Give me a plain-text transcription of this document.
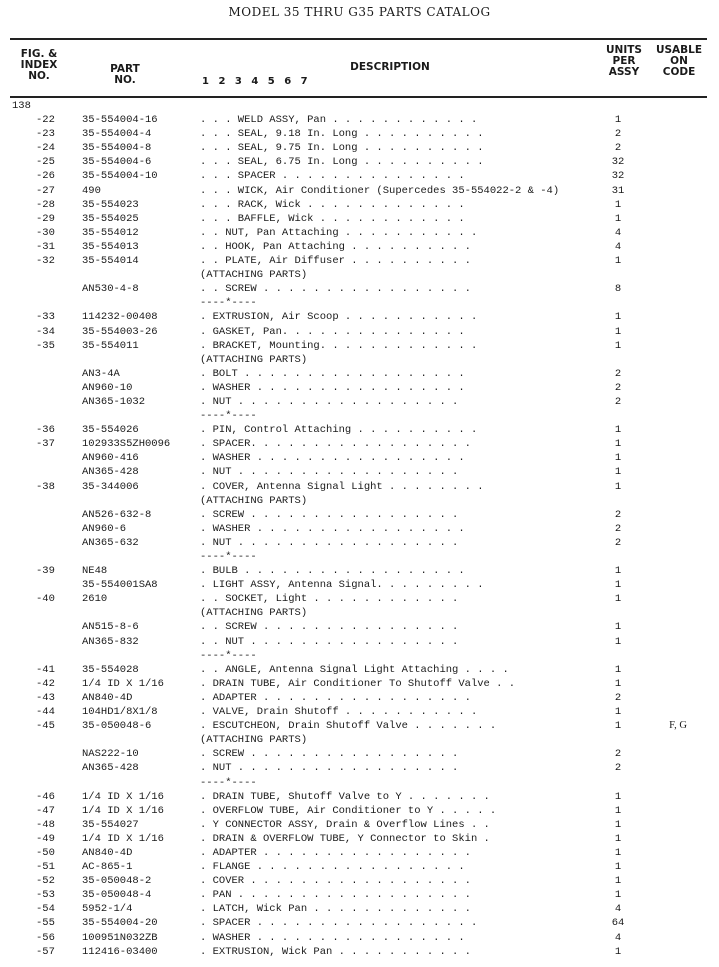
MODEL 35 THRU G35 PARTS CATALOG
FIG. &
INDEX
NO.
PART
NO.	1 2 3 4 5 6 7
DESCRIPTION
UNITS
PER
ASSY
USABLE
ON
CODE
138
-22	35-554004-16	. . . WELD ASSY, Pan . . . . . . . . . . . .	1
-23	35-554004-4	. . . SEAL, 9.18 In. Long . . . . . . . . . .	2
-24	35-554004-8	. . . SEAL, 9.75 In. Long . . . . . . . . . .	2
-25	35-554004-6	. . . SEAL, 6.75 In. Long . . . . . . . . . .	32
-26	35-554004-10	. . . SPACER . . . . . . . . . . . . . . .	32
-27	490	. . . WICK, Air Conditioner (Supercedes 35-554022-2 & -4)	31
-28	35-554023	. . . RACK, Wick . . . . . . . . . . . . .	1
-29	35-554025	. . . BAFFLE, Wick . . . . . . . . . . . .	1
-30	35-554012	. . NUT, Pan Attaching . . . . . . . . . . .	4
-31	35-554013	. . HOOK, Pan Attaching . . . . . . . . . .	4
-32	35-554014	. . PLATE, Air Diffuser . . . . . . . . . .	1
(ATTACHING PARTS)
AN530-4-8	. . SCREW . . . . . . . . . . . . . . . . .	8
----*----
-33	114232-00408	. EXTRUSION, Air Scoop . . . . . . . . . . .	1
-34	35-554003-26	. GASKET, Pan. . . . . . . . . . . . . . .	1
-35	35-554011	. BRACKET, Mounting. . . . . . . . . . . . .	1
(ATTACHING PARTS)
AN3-4A	. BOLT . . . . . . . . . . . . . . . . . .	2
AN960-10	. WASHER . . . . . . . . . . . . . . . . .	2
AN365-1032	. NUT . . . . . . . . . . . . . . . . . .	2
----*----
-36	35-554026	. PIN, Control Attaching . . . . . . . . . .	1
-37	102933S5ZH0096	. SPACER. . . . . . . . . . . . . . . . . .	1
AN960-416	. WASHER . . . . . . . . . . . . . . . . .	1
AN365-428	. NUT . . . . . . . . . . . . . . . . . .	1
-38	35-344006	. COVER, Antenna Signal Light . . . . . . . .	1
(ATTACHING PARTS)
AN526-632-8	. SCREW . . . . . . . . . . . . . . . . .	2
AN960-6	. WASHER . . . . . . . . . . . . . . . . .	2
AN365-632	. NUT . . . . . . . . . . . . . . . . . .	2
----*----
-39	NE48	. BULB . . . . . . . . . . . . . . . . . .	1
35-554001SA8	. LIGHT ASSY, Antenna Signal. . . . . . . . .	1
-40	2610	. . SOCKET, Light . . . . . . . . . . . .	1
(ATTACHING PARTS)
AN515-8-6	. . SCREW . . . . . . . . . . . . . . . .	1
AN365-832	. . NUT . . . . . . . . . . . . . . . . .	1
----*----
-41	35-554028	. . ANGLE, Antenna Signal Light Attaching . . . .	1
-42	1/4 ID X 1/16	. DRAIN TUBE, Air Conditioner To Shutoff Valve . .	1
-43	AN840-4D	. ADAPTER . . . . . . . . . . . . . . . . .	2
-44	104HD1/8X1/8	. VALVE, Drain Shutoff . . . . . . . . . . .	1
-45	35-050048-6	. ESCUTCHEON, Drain Shutoff Valve . . . . . . .	1	F, G
(ATTACHING PARTS)
NAS222-10	. SCREW . . . . . . . . . . . . . . . . .	2
AN365-428	. NUT . . . . . . . . . . . . . . . . . .	2
----*----
-46	1/4 ID X 1/16	. DRAIN TUBE, Shutoff Valve to Y . . . . . . .	1
-47	1/4 ID X 1/16	. OVERFLOW TUBE, Air Conditioner to Y . . . . .	1
-48	35-554027	. Y CONNECTOR ASSY, Drain & Overflow Lines . .	1
-49	1/4 ID X 1/16	. DRAIN & OVERFLOW TUBE, Y Connector to Skin .	1
-50	AN840-4D	. ADAPTER . . . . . . . . . . . . . . . . .	1
-51	AC-865-1	. FLANGE . . . . . . . . . . . . . . . . .	1
-52	35-050048-2	. COVER . . . . . . . . . . . . . . . . . .	1
-53	35-050048-4	. PAN . . . . . . . . . . . . . . . . . . .	1
-54	5952-1/4	. LATCH, Wick Pan . . . . . . . . . . . . .	4
-55	35-554004-20	. SPACER . . . . . . . . . . . . . . . . . .	64
-56	100951N032ZB	. WASHER . . . . . . . . . . . . . . . . .	4
-57	112416-03400	. EXTRUSION, Wick Pan . . . . . . . . . . .	1
